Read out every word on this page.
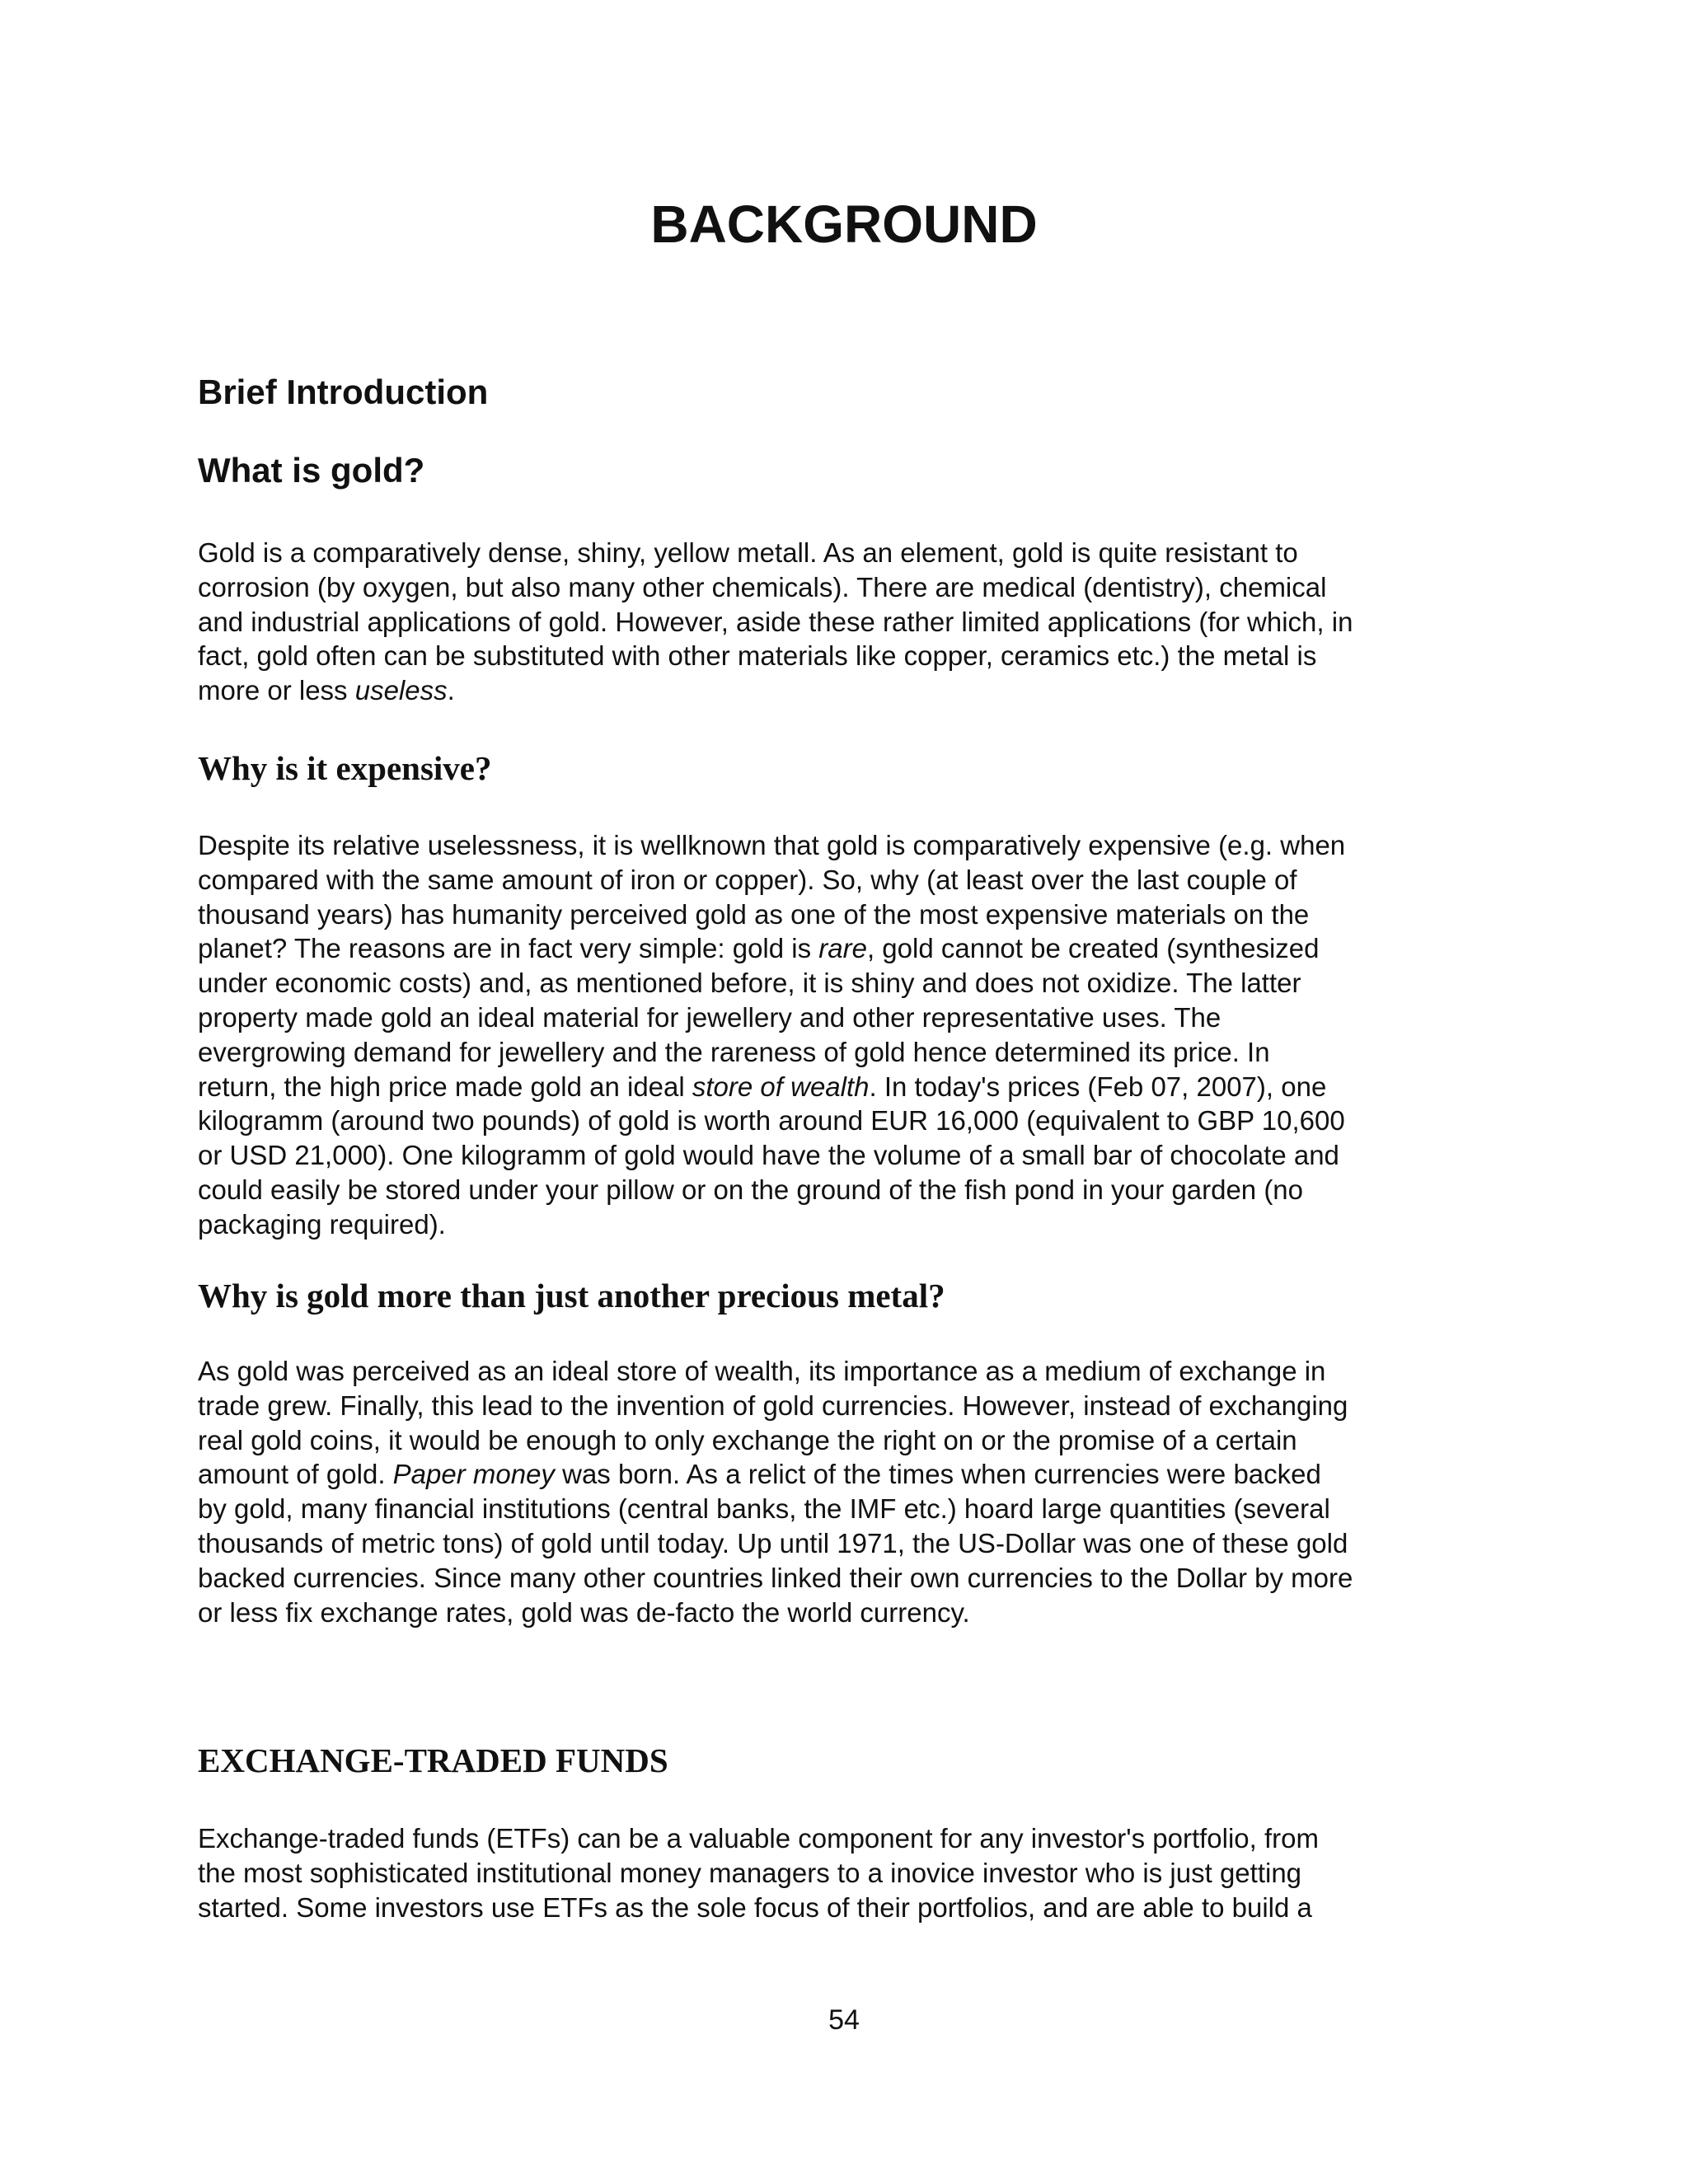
BACKGROUND
Brief Introduction
What is gold?

Gold is a comparatively dense, shiny, yellow metall. As an element, gold is quite resistant to
corrosion (by oxygen, but also many other chemicals). There are medical (dentistry), chemical
and industrial applications of gold. However, aside these rather limited applications (for which, in
fact, gold often can be substituted with other materials like copper, ceramics etc.) the metal is
more or less useless.

Why is it expensive?

Despite its relative uselessness, it is wellknown that gold is comparatively expensive (e.g. when
compared with the same amount of iron or copper). So, why (at least over the last couple of
thousand years) has humanity perceived gold as one of the most expensive materials on the
planet? The reasons are in fact very simple: gold is rare, gold cannot be created (synthesized
under economic costs) and, as mentioned before, it is shiny and does not oxidize. The latter
property made gold an ideal material for jewellery and other representative uses. The
evergrowing demand for jewellery and the rareness of gold hence determined its price. In
return, the high price made gold an ideal store of wealth. In today's prices (Feb 07, 2007), one
kilogramm (around two pounds) of gold is worth around EUR 16,000 (equivalent to GBP 10,600
or USD 21,000). One kilogramm of gold would have the volume of a small bar of chocolate and
could easily be stored under your pillow or on the ground of the fish pond in your garden (no
packaging required).

Why is gold more than just another precious metal?

As gold was perceived as an ideal store of wealth, its importance as a medium of exchange in
trade grew. Finally, this lead to the invention of gold currencies. However, instead of exchanging
real gold coins, it would be enough to only exchange the right on or the promise of a certain
amount of gold. Paper money was born. As a relict of the times when currencies were backed
by gold, many financial institutions (central banks, the IMF etc.) hoard large quantities (several
thousands of metric tons) of gold until today. Up until 1971, the US-Dollar was one of these gold
backed currencies. Since many other countries linked their own currencies to the Dollar by more
or less fix exchange rates, gold was de-facto the world currency.

EXCHANGE-TRADED FUNDS

Exchange-traded funds (ETFs) can be a valuable component for any investor's portfolio, from
the most sophisticated institutional money managers to a inovice investor who is just getting
started. Some investors use ETFs as the sole focus of their portfolios, and are able to build a

54
